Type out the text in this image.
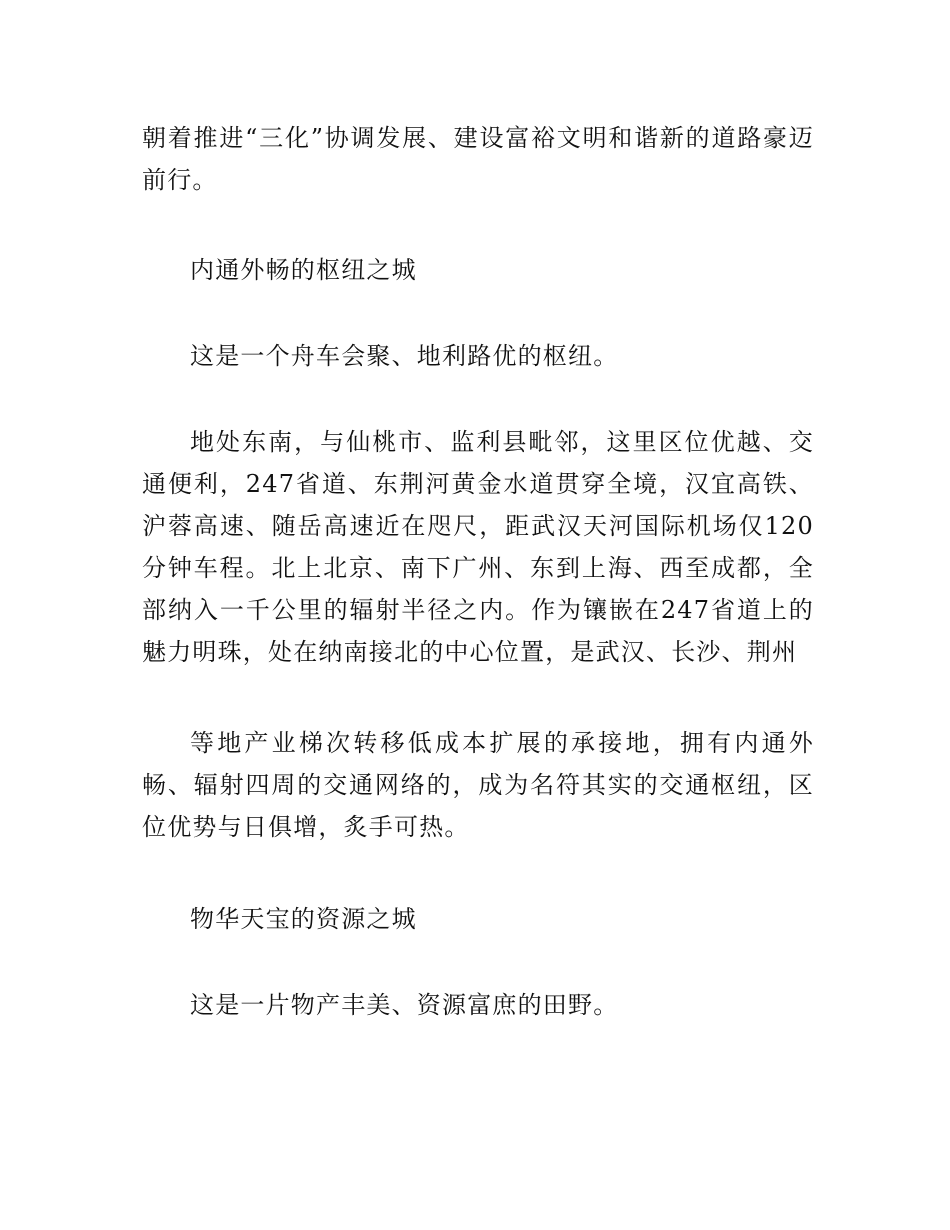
朝着推进“三化”协调发展、建设富裕文明和谐新的道路豪迈前行。

内通外畅的枢纽之城

这是一个舟车会聚、地利路优的枢纽。

地处东南，与仙桃市、监利县毗邻，这里区位优越、交通便利，247省道、东荆河黄金水道贯穿全境，汉宜高铁、沪蓉高速、随岳高速近在咫尺，距武汉天河国际机场仅120分钟车程。北上北京、南下广州、东到上海、西至成都，全部纳入一千公里的辐射半径之内。作为镶嵌在247省道上的魅力明珠，处在纳南接北的中心位置，是武汉、长沙、荆州

等地产业梯次转移低成本扩展的承接地，拥有内通外畅、辐射四周的交通网络的，成为名符其实的交通枢纽，区位优势与日俱增，炙手可热。

物华天宝的资源之城

这是一片物产丰美、资源富庶的田野。
